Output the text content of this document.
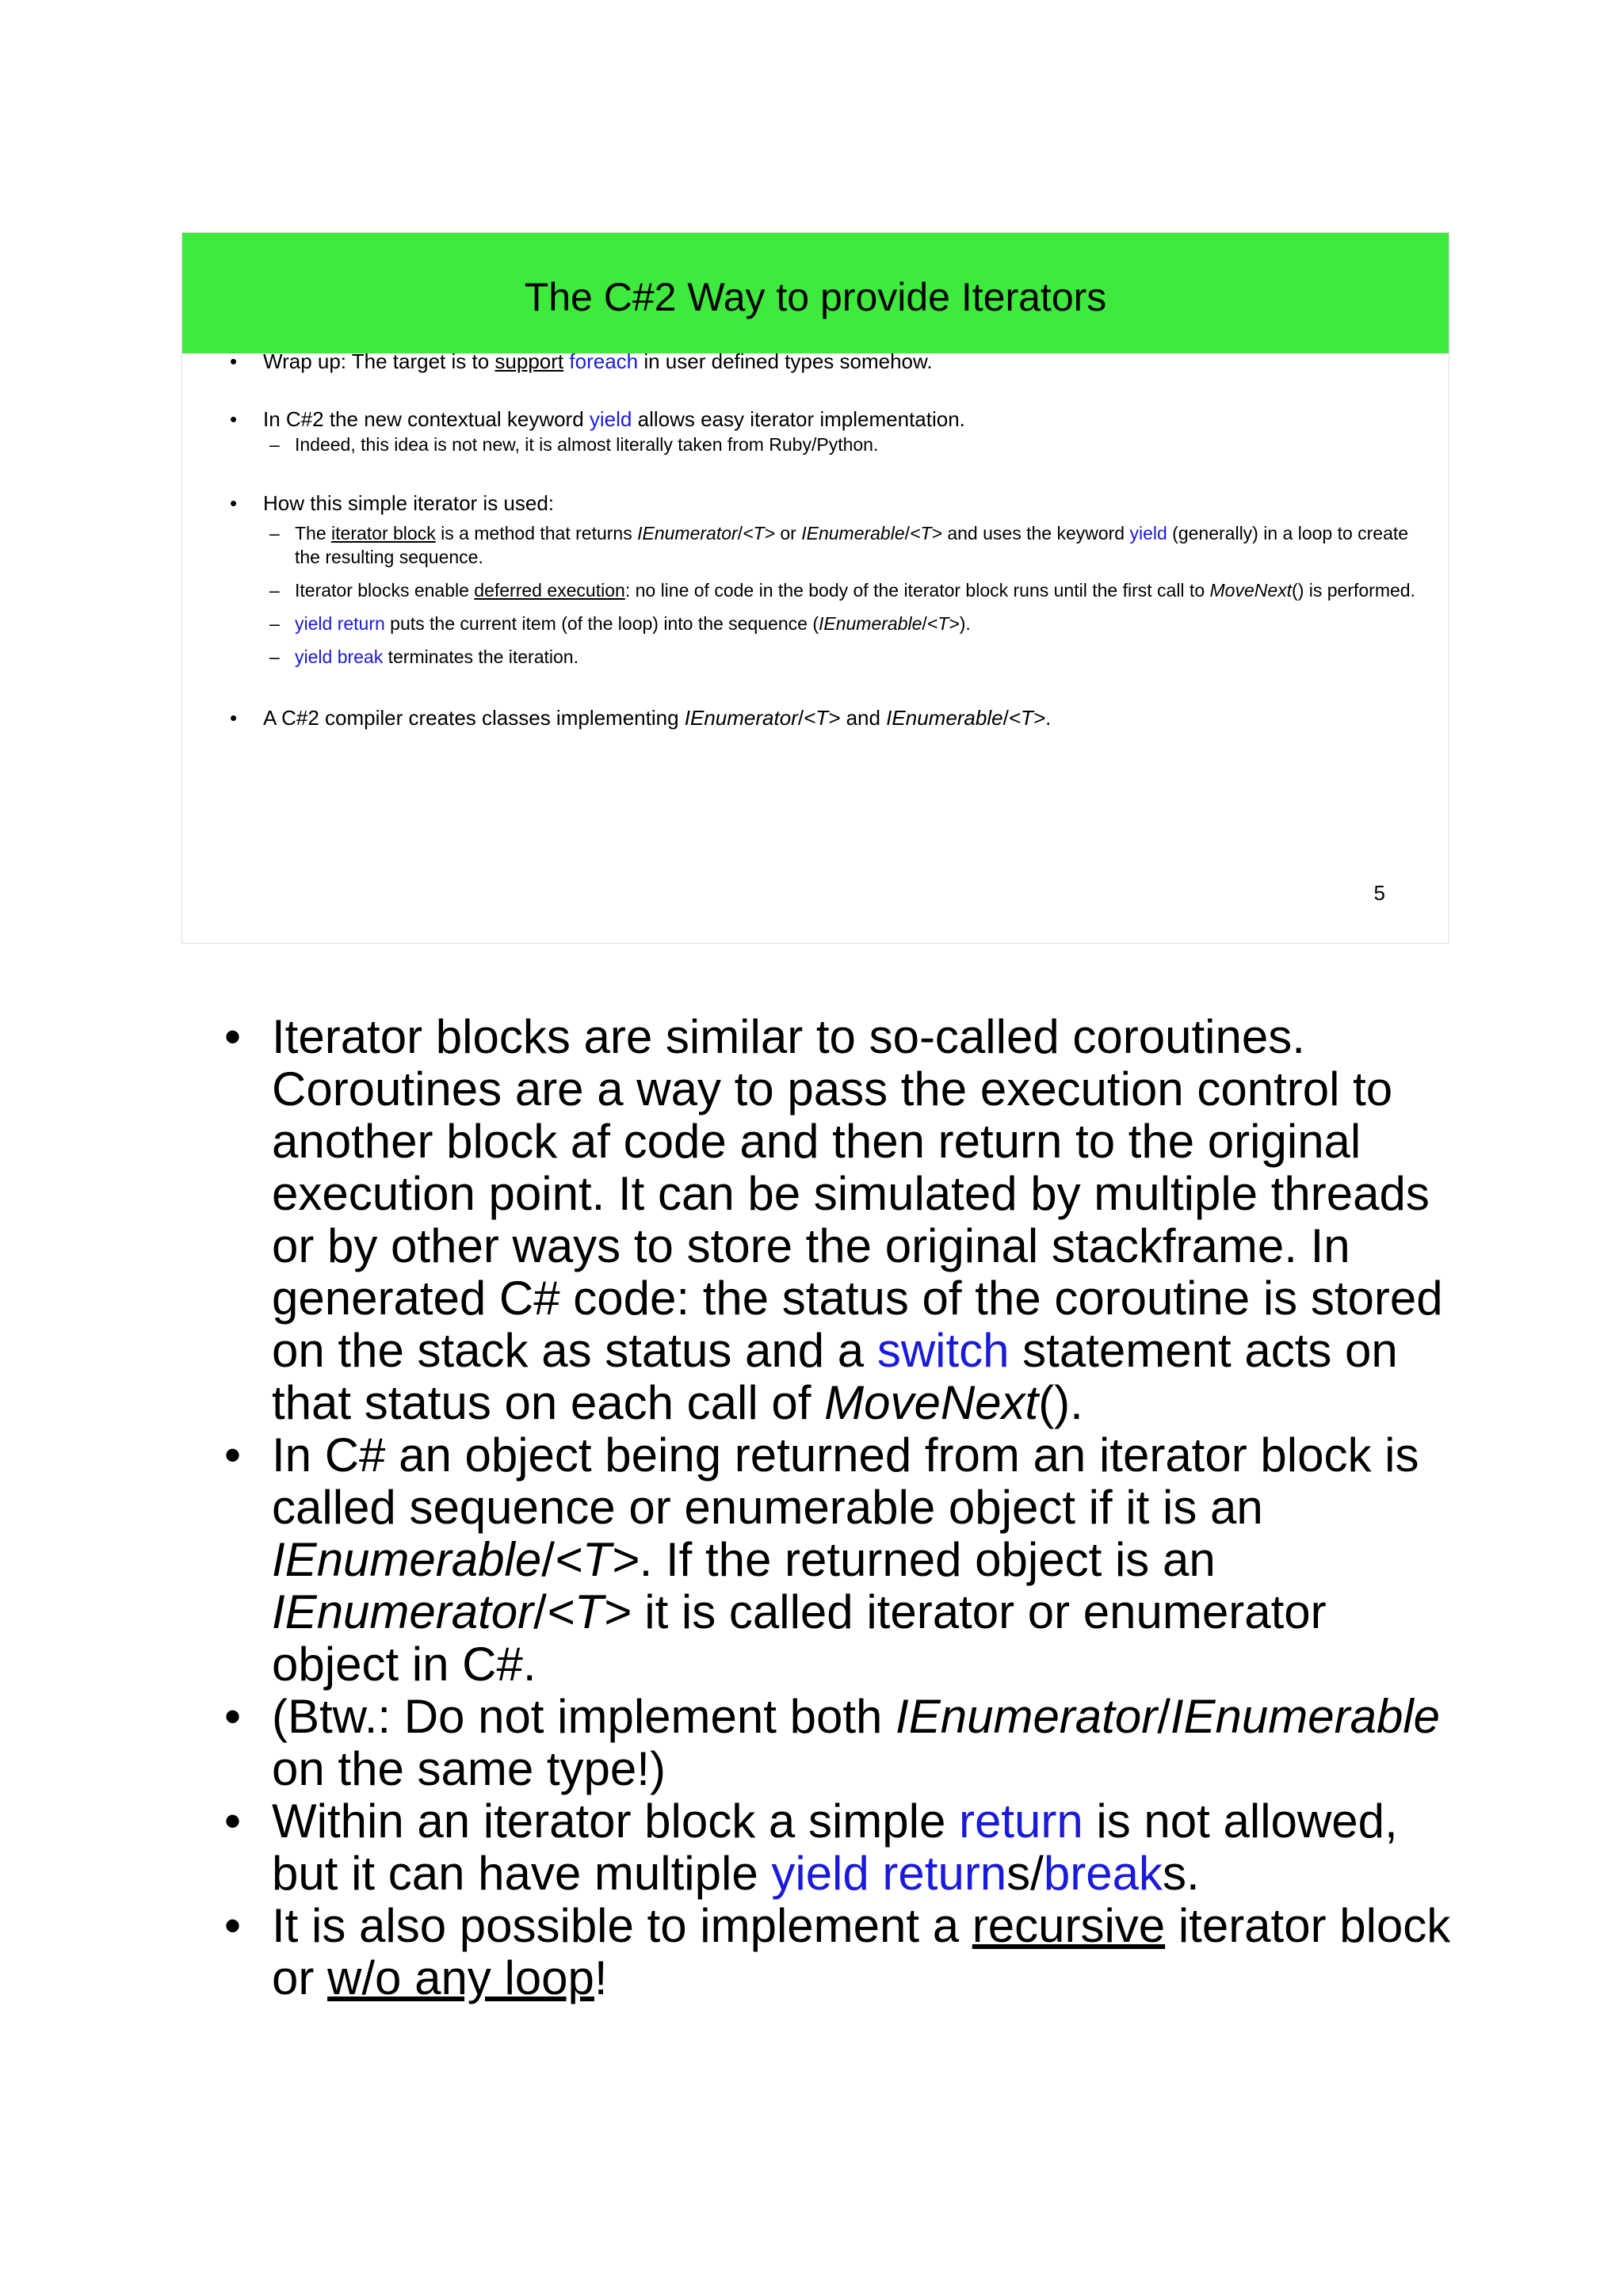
The C#2 Way to provide Iterators
• Wrap up: The target is to support foreach in user defined types somehow.
• In C#2 the new contextual keyword yield allows easy iterator implementation.
– Indeed, this idea is not new, it is almost literally taken from Ruby/Python.
• How this simple iterator is used:
– The iterator block is a method that returns IEnumerator/<T> or IEnumerable/<T> and uses the keyword yield (generally) in a loop to create the resulting sequence.
– Iterator blocks enable deferred execution: no line of code in the body of the iterator block runs until the first call to MoveNext() is performed.
– yield return puts the current item (of the loop) into the sequence (IEnumerable/<T>).
– yield break terminates the iteration.
• A C#2 compiler creates classes implementing IEnumerator/<T> and IEnumerable/<T>.
5
• Iterator blocks are similar to so-called coroutines. Coroutines are a way to pass the execution control to another block af code and then return to the original execution point. It can be simulated by multiple threads or by other ways to store the original stackframe. In generated C# code: the status of the coroutine is stored on the stack as status and a switch statement acts on that status on each call of MoveNext().
• In C# an object being returned from an iterator block is called sequence or enumerable object if it is an IEnumerable/<T>. If the returned object is an IEnumerator/<T> it is called iterator or enumerator object in C#.
• (Btw.: Do not implement both IEnumerator/IEnumerable on the same type!)
• Within an iterator block a simple return is not allowed, but it can have multiple yield returns/breaks.
• It is also possible to implement a recursive iterator block or w/o any loop!
